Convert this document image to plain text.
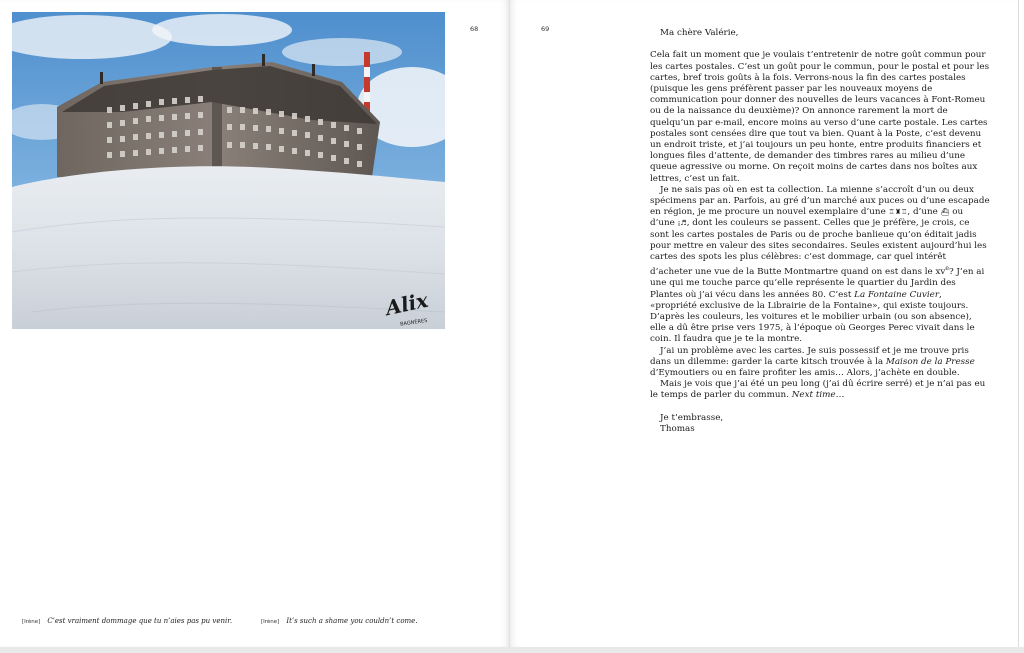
Alix
BAGNÈRES
68
[Irène] C’est vraiment dommage que tu n’aies pas pu venir.	[Irène] It’s such a shame you couldn’t come.
69	Ma chère Valérie,

Cela fait un moment que je voulais t’entretenir de notre goût commun pour les cartes postales. C’est un goût pour le commun, pour le postal et pour les cartes, bref trois goûts à la fois. Verrons-nous la fin des cartes postales (puisque les gens préfèrent passer par les nouveaux moyens de communication pour donner des nouvelles de leurs vacances à Font-Romeu ou de la naissance du deuxième)? On annonce rarement la mort de quelqu’un par e-mail, encore moins au verso d’une carte postale. Les cartes postales sont censées dire que tout va bien. Quant à la Poste, c’est devenu un endroit triste, et j’ai toujours un peu honte, entre produits financiers et longues files d’attente, de demander des timbres rares au milieu d’une queue agressive ou morne. On reçoit moins de cartes dans nos boîtes aux lettres, c’est un fait.

Je ne sais pas où en est ta collection. La mienne s’accroît d’un ou deux spécimens par an. Parfois, au gré d’un marché aux puces ou d’une escapade en région, je me procure un nouvel exemplaire d’une ♖♜♖, d’une ⛴ ou d’une ¡♬, dont les couleurs se passent. Celles que je préfère, je crois, ce sont les cartes postales de Paris ou de proche banlieue qu’on éditait jadis pour mettre en valeur des sites secondaires. Seules existent aujourd’hui les cartes des spots les plus célèbres: c’est dommage, car quel intérêt d’acheter une vue de la Butte Montmartre quand on est dans le $xv^e$? J’en ai une qui me touche parce qu’elle représente le quartier du Jardin des Plantes où j’ai vécu dans les années 80. C’est La Fontaine Cuvier, «propriété exclusive de la Librairie de la Fontaine», qui existe toujours. D’après les couleurs, les voitures et le mobilier urbain (ou son absence), elle a dû être prise vers 1975, à l’époque où Georges Perec vivait dans le coin. Il faudra que je te la montre.

J’ai un problème avec les cartes. Je suis possessif et je me trouve pris dans un dilemme: garder la carte kitsch trouvée à la Maison de la Presse d’Eymoutiers ou en faire profiter les amis… Alors, j’achète en double.

Mais je vois que j’ai été un peu long (j’ai dû écrire serré) et je n’ai pas eu le temps de parler du commun. Next time…

Je t’embrasse,

Thomas
